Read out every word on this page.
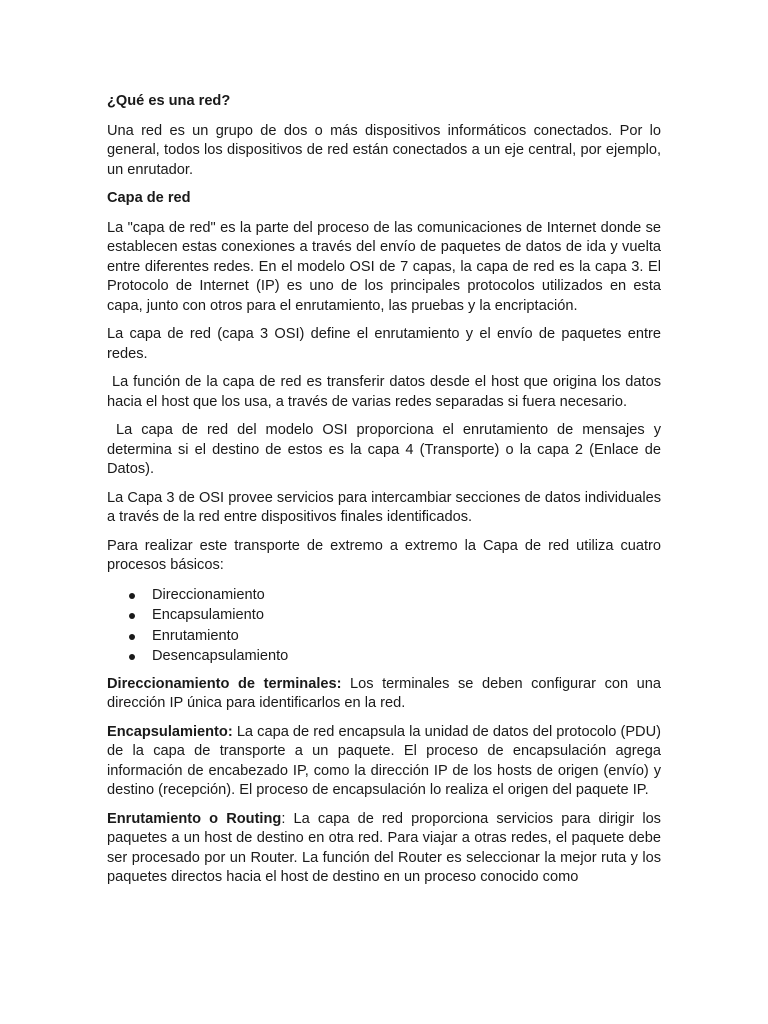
¿Qué es una red?

Una red es un grupo de dos o más dispositivos informáticos conectados. Por lo general, todos los dispositivos de red están conectados a un eje central, por ejemplo, un enrutador.

Capa de red

La "capa de red" es la parte del proceso de las comunicaciones de Internet donde se establecen estas conexiones a través del envío de paquetes de datos de ida y vuelta entre diferentes redes. En el modelo OSI de 7 capas, la capa de red es la capa 3. El Protocolo de Internet (IP) es uno de los principales protocolos utilizados en esta capa, junto con otros para el enrutamiento, las pruebas y la encriptación.

La capa de red (capa 3 OSI) define el enrutamiento y el envío de paquetes entre redes.

La función de la capa de red es transferir datos desde el host que origina los datos hacia el host que los usa, a través de varias redes separadas si fuera necesario.

La capa de red del modelo OSI proporciona el enrutamiento de mensajes y determina si el destino de estos es la capa 4 (Transporte) o la capa 2 (Enlace de Datos).

La Capa 3 de OSI provee servicios para intercambiar secciones de datos individuales a través de la red entre dispositivos finales identificados.

Para realizar este transporte de extremo a extremo la Capa de red utiliza cuatro procesos básicos:

Direccionamiento
Encapsulamiento
Enrutamiento
Desencapsulamiento

Direccionamiento de terminales: Los terminales se deben configurar con una dirección IP única para identificarlos en la red.

Encapsulamiento: La capa de red encapsula la unidad de datos del protocolo (PDU) de la capa de transporte a un paquete. El proceso de encapsulación agrega información de encabezado IP, como la dirección IP de los hosts de origen (envío) y destino (recepción). El proceso de encapsulación lo realiza el origen del paquete IP.

Enrutamiento o Routing: La capa de red proporciona servicios para dirigir los paquetes a un host de destino en otra red. Para viajar a otras redes, el paquete debe ser procesado por un Router. La función del Router es seleccionar la mejor ruta y los paquetes directos hacia el host de destino en un proceso conocido como
